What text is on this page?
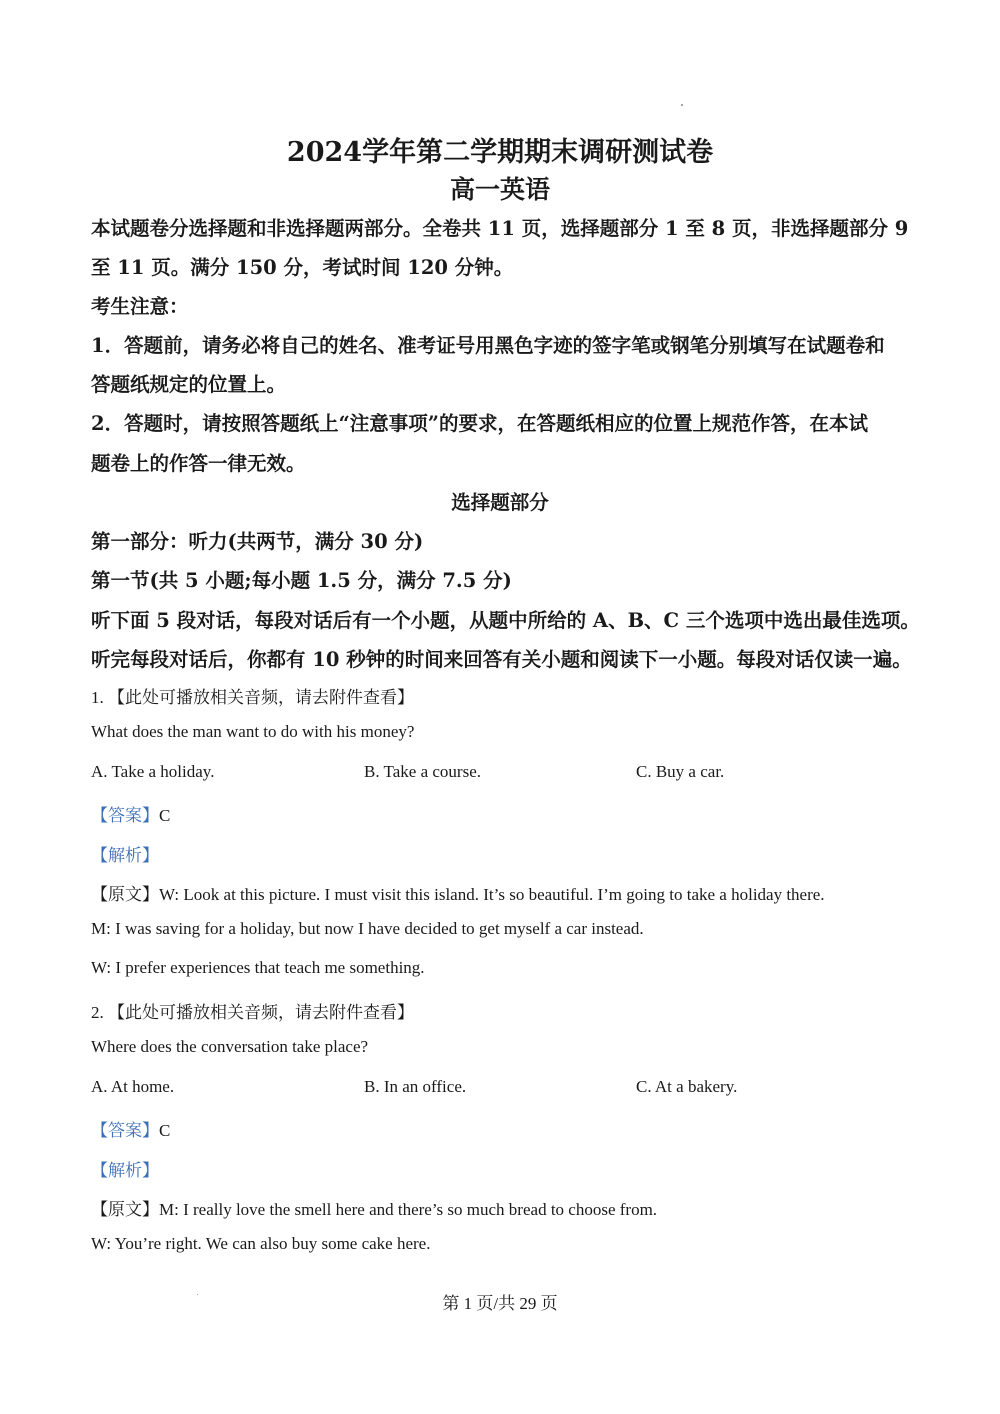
2024学年第二学期期末调研测试卷
高一英语
本试题卷分选择题和非选择题两部分。全卷共 11 页，选择题部分 1 至 8 页，非选择题部分 9
至 11 页。满分 150 分，考试时间 120 分钟。
考生注意：
1．答题前，请务必将自己的姓名、准考证号用黑色字迹的签字笔或钢笔分别填写在试题卷和
答题纸规定的位置上。
2．答题时，请按照答题纸上“注意事项”的要求，在答题纸相应的位置上规范作答，在本试
题卷上的作答一律无效。
选择题部分
第一部分：听力(共两节，满分 30 分)
第一节(共 5 小题;每小题 1.5 分，满分 7.5 分)
听下面 5 段对话，每段对话后有一个小题，从题中所给的 A、B、C 三个选项中选出最佳选项。
听完每段对话后，你都有 10 秒钟的时间来回答有关小题和阅读下一小题。每段对话仅读一遍。
1. 【此处可播放相关音频，请去附件查看】
What does the man want to do with his money?
A. Take a holiday.	B. Take a course.	C. Buy a car.
【答案】C
【解析】
【原文】W: Look at this picture. I must visit this island. It’s so beautiful. I’m going to take a holiday there.
M: I was saving for a holiday, but now I have decided to get myself a car instead.
W: I prefer experiences that teach me something.
2. 【此处可播放相关音频，请去附件查看】
Where does the conversation take place?
A. At home.	B. In an office.	C. At a bakery.
【答案】C
【解析】
【原文】M: I really love the smell here and there’s so much bread to choose from.
W: You’re right. We can also buy some cake here.
第 1 页/共 29 页
